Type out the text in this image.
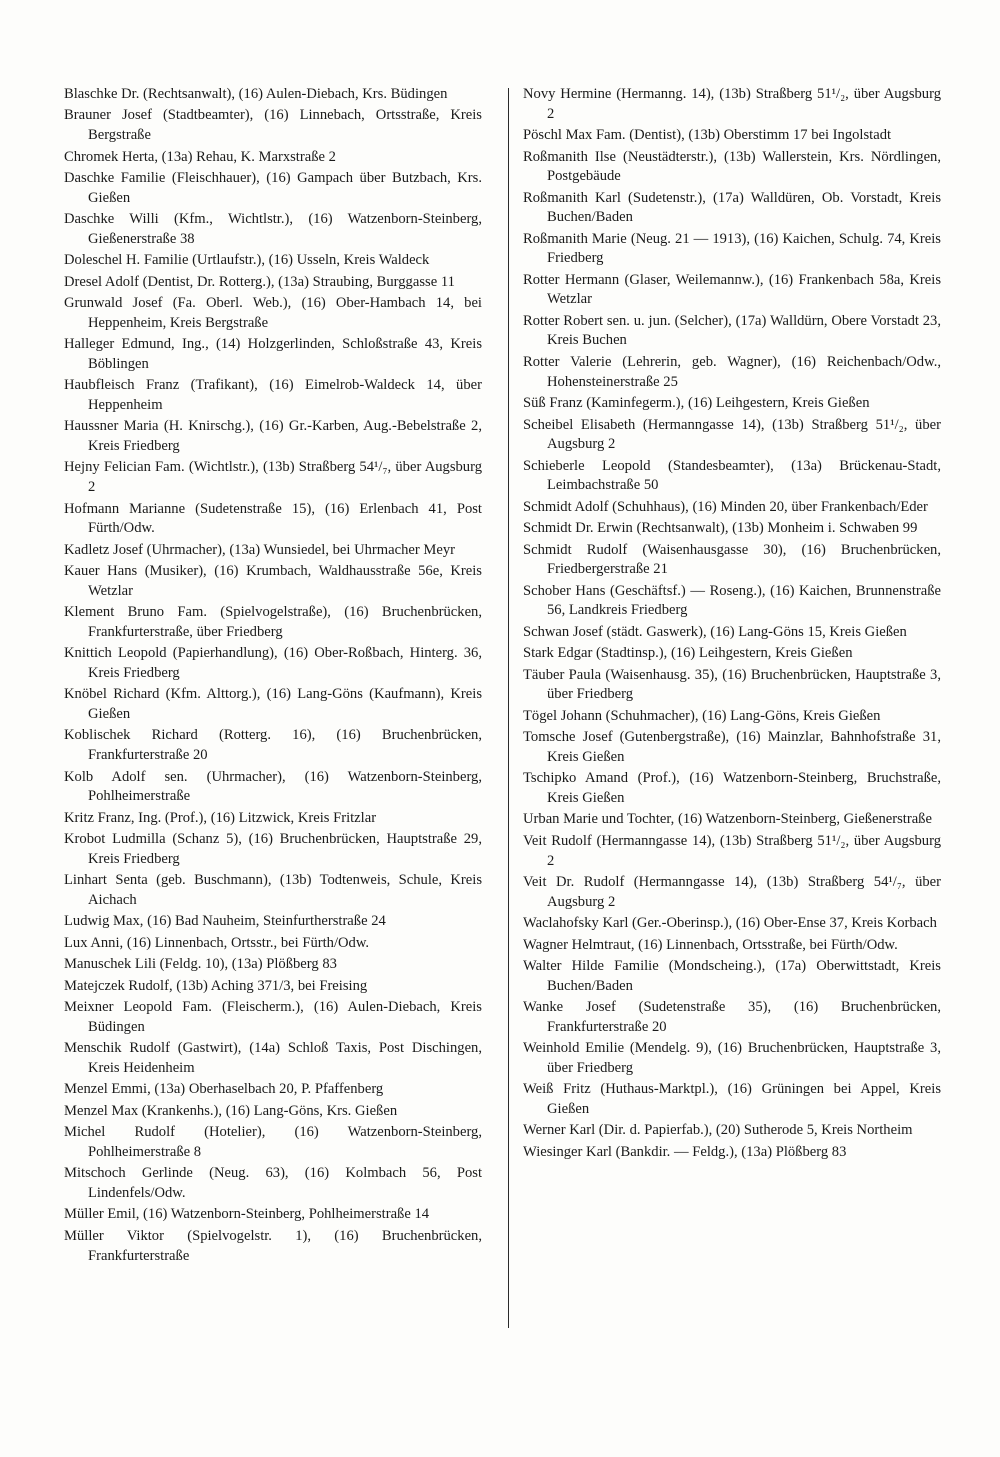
Blaschke Dr. (Rechtsanwalt), (16) Aulen-Diebach, Krs. Büdingen

Brauner Josef (Stadtbeamter), (16) Linnebach, Ortsstraße, Kreis Bergstraße

Chromek Herta, (13a) Rehau, K. Marxstraße 2

Daschke Familie (Fleischhauer), (16) Gampach über Butzbach, Krs. Gießen

Daschke Willi (Kfm., Wichtlstr.), (16) Watzenborn-Steinberg, Gießenerstraße 38

Doleschel H. Familie (Urtlaufstr.), (16) Usseln, Kreis Waldeck

Dresel Adolf (Dentist, Dr. Rotterg.), (13a) Straubing, Burggasse 11

Grunwald Josef (Fa. Oberl. Web.), (16) Ober-Hambach 14, bei Heppenheim, Kreis Bergstraße

Halleger Edmund, Ing., (14) Holzgerlinden, Schloßstraße 43, Kreis Böblingen

Haubfleisch Franz (Trafikant), (16) Eimelrob-Waldeck 14, über Heppenheim

Haussner Maria (H. Knirschg.), (16) Gr.-Karben, Aug.-Bebelstraße 2, Kreis Friedberg

Hejny Felician Fam. (Wichtlstr.), (13b) Straßberg 54¹/₇, über Augsburg 2

Hofmann Marianne (Sudetenstraße 15), (16) Erlenbach 41, Post Fürth/Odw.

Kadletz Josef (Uhrmacher), (13a) Wunsiedel, bei Uhrmacher Meyr

Kauer Hans (Musiker), (16) Krumbach, Waldhausstraße 56e, Kreis Wetzlar

Klement Bruno Fam. (Spielvogelstraße), (16) Bruchenbrücken, Frankfurterstraße, über Friedberg

Knittich Leopold (Papierhandlung), (16) Ober-Roßbach, Hinterg. 36, Kreis Friedberg

Knöbel Richard (Kfm. Alttorg.), (16) Lang-Göns (Kaufmann), Kreis Gießen

Koblischek Richard (Rotterg. 16), (16) Bruchenbrücken, Frankfurterstraße 20

Kolb Adolf sen. (Uhrmacher), (16) Watzenborn-Steinberg, Pohlheimerstraße

Kritz Franz, Ing. (Prof.), (16) Litzwick, Kreis Fritzlar

Krobot Ludmilla (Schanz 5), (16) Bruchenbrücken, Hauptstraße 29, Kreis Friedberg

Linhart Senta (geb. Buschmann), (13b) Todtenweis, Schule, Kreis Aichach

Ludwig Max, (16) Bad Nauheim, Steinfurtherstraße 24

Lux Anni, (16) Linnenbach, Ortsstr., bei Fürth/Odw.

Manuschek Lili (Feldg. 10), (13a) Plößberg 83

Matejczek Rudolf, (13b) Aching 371/3, bei Freising

Meixner Leopold Fam. (Fleischerm.), (16) Aulen-Diebach, Kreis Büdingen

Menschik Rudolf (Gastwirt), (14a) Schloß Taxis, Post Dischingen, Kreis Heidenheim

Menzel Emmi, (13a) Oberhaselbach 20, P. Pfaffenberg

Menzel Max (Krankenhs.), (16) Lang-Göns, Krs. Gießen

Michel Rudolf (Hotelier), (16) Watzenborn-Steinberg, Pohlheimerstraße 8

Mitschoch Gerlinde (Neug. 63), (16) Kolmbach 56, Post Lindenfels/Odw.

Müller Emil, (16) Watzenborn-Steinberg, Pohlheimerstraße 14

Müller Viktor (Spielvogelstr. 1), (16) Bruchenbrücken, Frankfurterstraße

Novy Hermine (Hermanng. 14), (13b) Straßberg 51¹/₂, über Augsburg 2

Pöschl Max Fam. (Dentist), (13b) Oberstimm 17 bei Ingolstadt

Roßmanith Ilse (Neustädterstr.), (13b) Wallerstein, Krs. Nördlingen, Postgebäude

Roßmanith Karl (Sudetenstr.), (17a) Walldüren, Ob. Vorstadt, Kreis Buchen/Baden

Roßmanith Marie (Neug. 21 — 1913), (16) Kaichen, Schulg. 74, Kreis Friedberg

Rotter Hermann (Glaser, Weilemannw.), (16) Frankenbach 58a, Kreis Wetzlar

Rotter Robert sen. u. jun. (Selcher), (17a) Walldürn, Obere Vorstadt 23, Kreis Buchen

Rotter Valerie (Lehrerin, geb. Wagner), (16) Reichenbach/Odw., Hohensteinerstraße 25

Süß Franz (Kaminfegerm.), (16) Leihgestern, Kreis Gießen

Scheibel Elisabeth (Hermanngasse 14), (13b) Straßberg 51¹/₂, über Augsburg 2

Schieberle Leopold (Standesbeamter), (13a) Brückenau-Stadt, Leimbachstraße 50

Schmidt Adolf (Schuhhaus), (16) Minden 20, über Frankenbach/Eder

Schmidt Dr. Erwin (Rechtsanwalt), (13b) Monheim i. Schwaben 99

Schmidt Rudolf (Waisenhausgasse 30), (16) Bruchenbrücken, Friedbergerstraße 21

Schober Hans (Geschäftsf.) — Roseng.), (16) Kaichen, Brunnenstraße 56, Landkreis Friedberg

Schwan Josef (städt. Gaswerk), (16) Lang-Göns 15, Kreis Gießen

Stark Edgar (Stadtinsp.), (16) Leihgestern, Kreis Gießen

Täuber Paula (Waisenhausg. 35), (16) Bruchenbrücken, Hauptstraße 3, über Friedberg

Tögel Johann (Schuhmacher), (16) Lang-Göns, Kreis Gießen

Tomsche Josef (Gutenbergstraße), (16) Mainzlar, Bahnhofstraße 31, Kreis Gießen

Tschipko Amand (Prof.), (16) Watzenborn-Steinberg, Bruchstraße, Kreis Gießen

Urban Marie und Tochter, (16) Watzenborn-Steinberg, Gießenerstraße

Veit Rudolf (Hermanngasse 14), (13b) Straßberg 51¹/₂, über Augsburg 2

Veit Dr. Rudolf (Hermanngasse 14), (13b) Straßberg 54¹/₇, über Augsburg 2

Waclahofsky Karl (Ger.-Oberinsp.), (16) Ober-Ense 37, Kreis Korbach

Wagner Helmtraut, (16) Linnenbach, Ortsstraße, bei Fürth/Odw.

Walter Hilde Familie (Mondscheing.), (17a) Oberwittstadt, Kreis Buchen/Baden

Wanke Josef (Sudetenstraße 35), (16) Bruchenbrücken, Frankfurterstraße 20

Weinhold Emilie (Mendelg. 9), (16) Bruchenbrücken, Hauptstraße 3, über Friedberg

Weiß Fritz (Huthaus-Marktpl.), (16) Grüningen bei Appel, Kreis Gießen

Werner Karl (Dir. d. Papierfab.), (20) Sutherode 5, Kreis Northeim

Wiesinger Karl (Bankdir. — Feldg.), (13a) Plößberg 83
